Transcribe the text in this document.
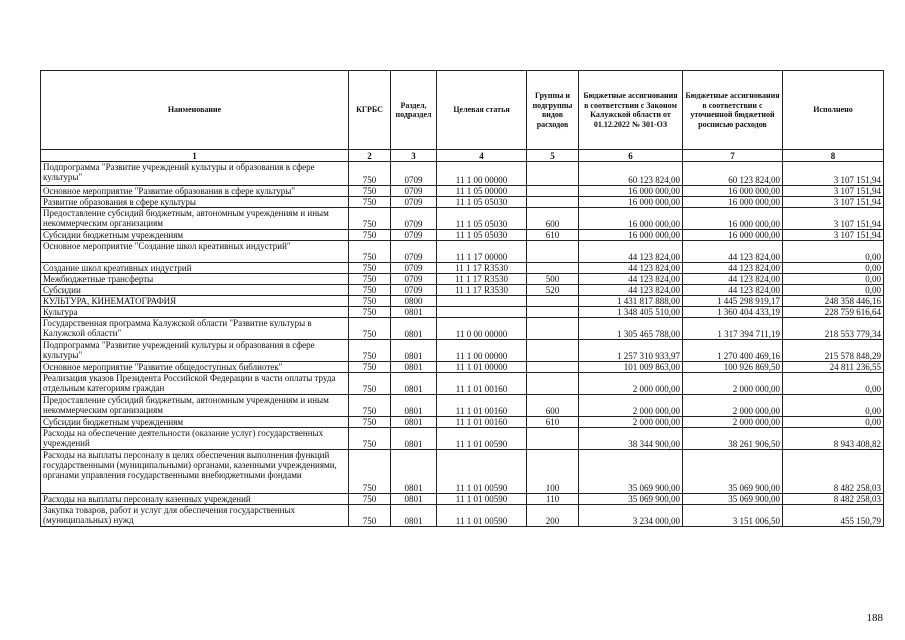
Наименование	КГРБС	Раздел, подраздел	Целевая статья	Группы и подгруппы видов расходов	Бюджетные ассигнования в соответствии с Законом Калужской области от 01.12.2022 № 301-ОЗ	Бюджетные ассигнования в соответствии с уточненной бюджетной росписью расходов	Исполнено
1	2	3	4	5	6	7	8
Подпрограмма "Развитие учреждений культуры и образования в сфере культуры"	750	0709	11 1 00 00000		60 123 824,00	60 123 824,00	3 107 151,94
Основное мероприятие "Развитие образования в сфере культуры"	750	0709	11 1 05 00000		16 000 000,00	16 000 000,00	3 107 151,94
Развитие образования в сфере культуры	750	0709	11 1 05 05030		16 000 000,00	16 000 000,00	3 107 151,94
Предоставление субсидий бюджетным, автономным учреждениям и иным некоммерческим организациям	750	0709	11 1 05 05030	600	16 000 000,00	16 000 000,00	3 107 151,94
Субсидии бюджетным учреждениям	750	0709	11 1 05 05030	610	16 000 000,00	16 000 000,00	3 107 151,94
Основное мероприятие "Создание школ креативных индустрий"	750	0709	11 1 17 00000		44 123 824,00	44 123 824,00	0,00
Создание школ креативных индустрий	750	0709	11 1 17 R3530		44 123 824,00	44 123 824,00	0,00
Межбюджетные трансферты	750	0709	11 1 17 R3530	500	44 123 824,00	44 123 824,00	0,00
Субсидии	750	0709	11 1 17 R3530	520	44 123 824,00	44 123 824,00	0,00
КУЛЬТУРА, КИНЕМАТОГРАФИЯ	750	0800			1 431 817 888,00	1 445 298 919,17	248 358 446,16
Культура	750	0801			1 348 405 510,00	1 360 404 433,19	228 759 616,64
Государственная программа Калужской области "Развитие культуры в Калужской области"	750	0801	11 0 00 00000		1 305 465 788,00	1 317 394 711,19	218 553 779,34
Подпрограмма "Развитие учреждений культуры и образования в сфере культуры"	750	0801	11 1 00 00000		1 257 310 933,97	1 270 400 469,16	215 578 848,29
Основное мероприятие "Развитие общедоступных библиотек"	750	0801	11 1 01 00000		101 009 863,00	100 926 869,50	24 811 236,55
Реализация указов Президента Российской Федерации в части оплаты труда отдельным категориям граждан	750	0801	11 1 01 00160		2 000 000,00	2 000 000,00	0,00
Предоставление субсидий бюджетным, автономным учреждениям и иным некоммерческим организациям	750	0801	11 1 01 00160	600	2 000 000,00	2 000 000,00	0,00
Субсидии бюджетным учреждениям	750	0801	11 1 01 00160	610	2 000 000,00	2 000 000,00	0,00
Расходы на обеспечение деятельности (оказание услуг) государственных учреждений	750	0801	11 1 01 00590		38 344 900,00	38 261 906,50	8 943 408,82
Расходы на выплаты персоналу в целях обеспечения выполнения функций государственными (муниципальными) органами, казенными учреждениями, органами управления государственными внебюджетными фондами	750	0801	11 1 01 00590	100	35 069 900,00	35 069 900,00	8 482 258,03
Расходы на выплаты персоналу казенных учреждений	750	0801	11 1 01 00590	110	35 069 900,00	35 069 900,00	8 482 258,03
Закупка товаров, работ и услуг для обеспечения государственных (муниципальных) нужд	750	0801	11 1 01 00590	200	3 234 000,00	3 151 006,50	455 150,79
188
